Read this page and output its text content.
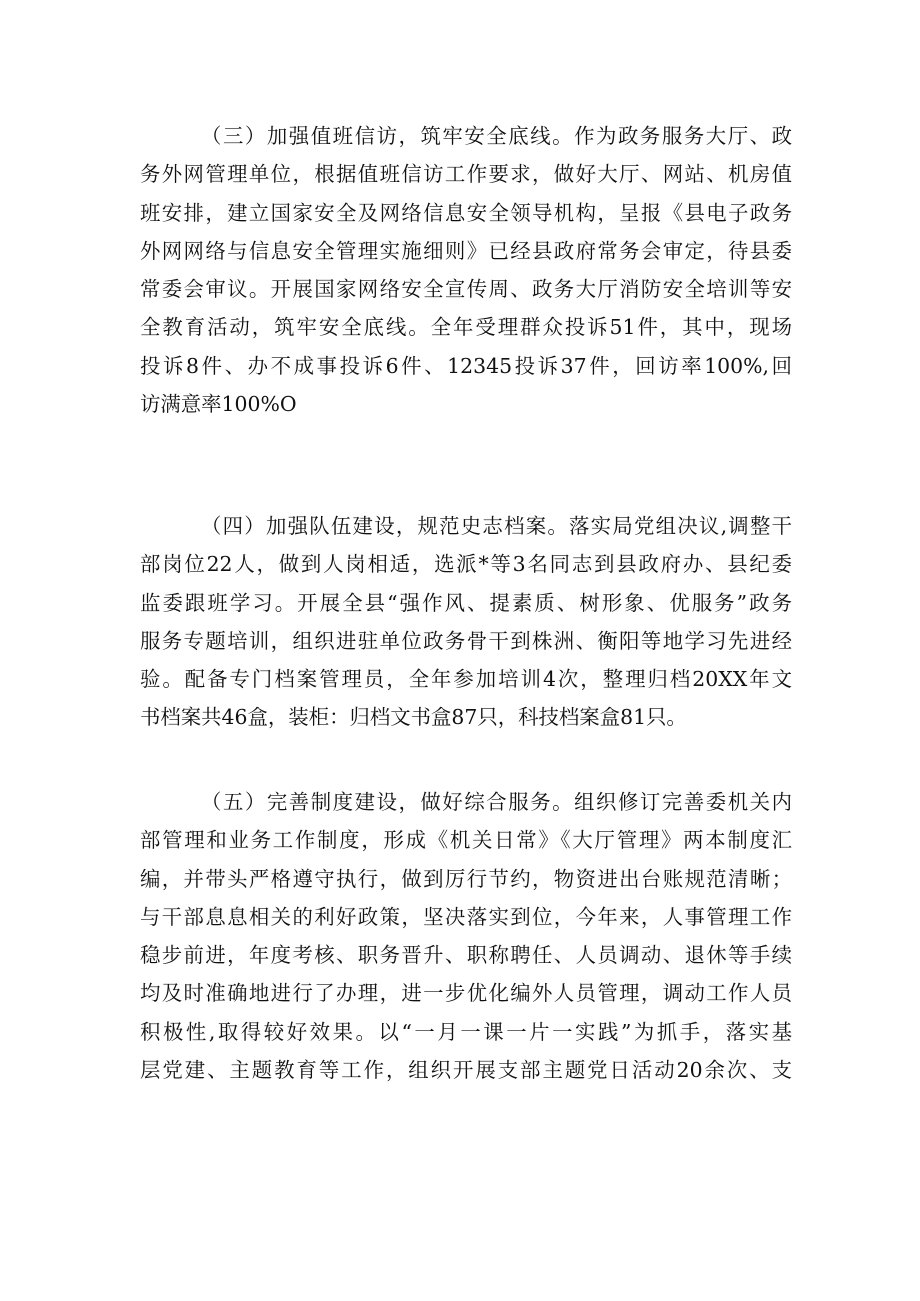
（三）加强值班信访，筑牢安全底线。作为政务服务大厅、政
务外网管理单位，根据值班信访工作要求，做好大厅、网站、机房值
班安排，建立国家安全及网络信息安全领导机构，呈报《县电子政务
外网网络与信息安全管理实施细则》已经县政府常务会审定，待县委
常委会审议。开展国家网络安全宣传周、政务大厅消防安全培训等安
全教育活动，筑牢安全底线。全年受理群众投诉51件，其中，现场
投诉8件、办不成事投诉6件、12345投诉37件，回访率100%,回
访满意率100%O
（四）加强队伍建设，规范史志档案。落实局党组决议,调整干
部岗位22人，做到人岗相适，选派*等3名同志到县政府办、县纪委
监委跟班学习。开展全县“强作风、提素质、树形象、优服务”政务
服务专题培训，组织进驻单位政务骨干到株洲、衡阳等地学习先进经
验。配备专门档案管理员，全年参加培训4次，整理归档20XX年文
书档案共46盒，装柜：归档文书盒87只，科技档案盒81只。
（五）完善制度建设，做好综合服务。组织修订完善委机关内
部管理和业务工作制度，形成《机关日常》《大厅管理》两本制度汇
编，并带头严格遵守执行，做到厉行节约，物资进出台账规范清晰；
与干部息息相关的利好政策，坚决落实到位，今年来，人事管理工作
稳步前进，年度考核、职务晋升、职称聘任、人员调动、退休等手续
均及时准确地进行了办理，进一步优化编外人员管理，调动工作人员
积极性,取得较好效果。以“一月一课一片一实践”为抓手，落实基
层党建、主题教育等工作，组织开展支部主题党日活动20余次、支
